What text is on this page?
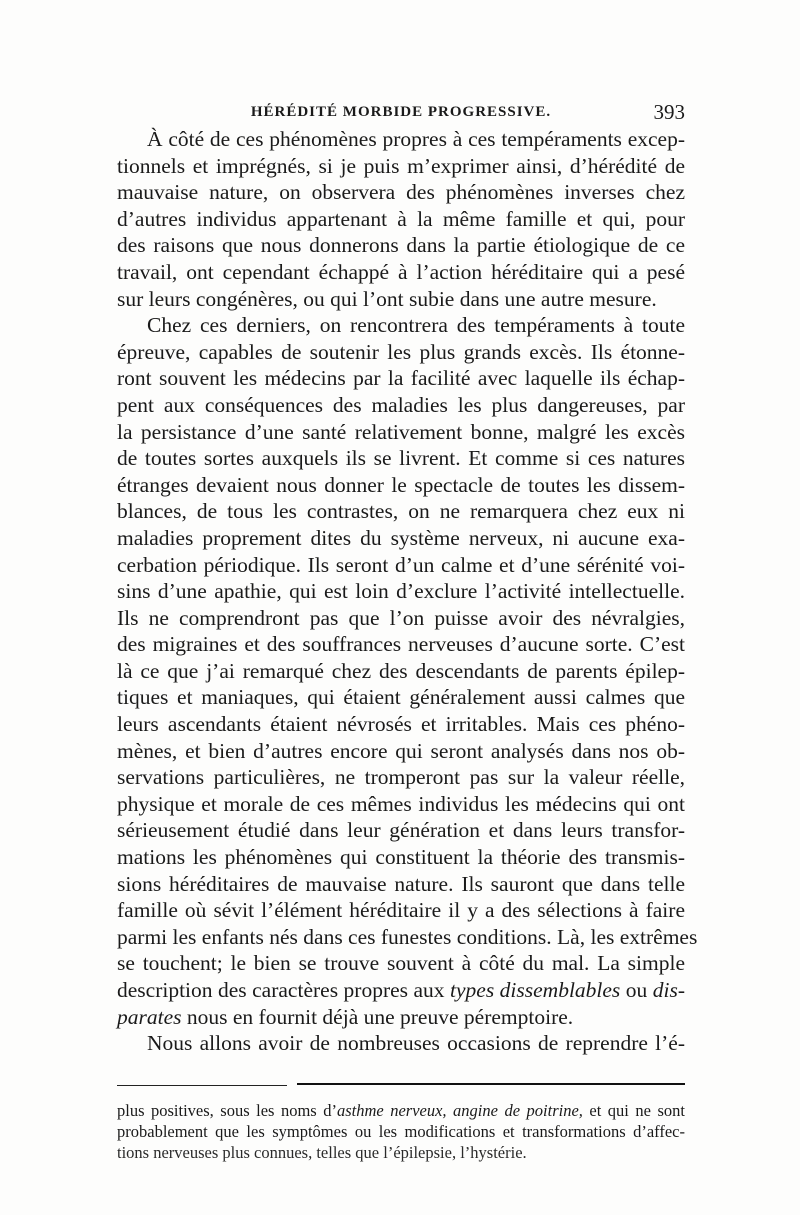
HÉRÉDITÉ MORBIDE PROGRESSIVE.	393
À côté de ces phénomènes propres à ces tempéraments excep-
tionnels et imprégnés, si je puis m’exprimer ainsi, d’hérédité de
mauvaise nature, on observera des phénomènes inverses chez
d’autres individus appartenant à la même famille et qui, pour
des raisons que nous donnerons dans la partie étiologique de ce
travail, ont cependant échappé à l’action héréditaire qui a pesé
sur leurs congénères, ou qui l’ont subie dans une autre mesure.
Chez ces derniers, on rencontrera des tempéraments à toute
épreuve, capables de soutenir les plus grands excès. Ils étonne-
ront souvent les médecins par la facilité avec laquelle ils échap-
pent aux conséquences des maladies les plus dangereuses, par
la persistance d’une santé relativement bonne, malgré les excès
de toutes sortes auxquels ils se livrent. Et comme si ces natures
étranges devaient nous donner le spectacle de toutes les dissem-
blances, de tous les contrastes, on ne remarquera chez eux ni
maladies proprement dites du système nerveux, ni aucune exa-
cerbation périodique. Ils seront d’un calme et d’une sérénité voi-
sins d’une apathie, qui est loin d’exclure l’activité intellectuelle.
Ils ne comprendront pas que l’on puisse avoir des névralgies,
des migraines et des souffrances nerveuses d’aucune sorte. C’est
là ce que j’ai remarqué chez des descendants de parents épilep-
tiques et maniaques, qui étaient généralement aussi calmes que
leurs ascendants étaient névrosés et irritables. Mais ces phéno-
mènes, et bien d’autres encore qui seront analysés dans nos ob-
servations particulières, ne tromperont pas sur la valeur réelle,
physique et morale de ces mêmes individus les médecins qui ont
sérieusement étudié dans leur génération et dans leurs transfor-
mations les phénomènes qui constituent la théorie des transmis-
sions héréditaires de mauvaise nature. Ils sauront que dans telle
famille où sévit l’élément héréditaire il y a des sélections à faire
parmi les enfants nés dans ces funestes conditions. Là, les extrêmes
se touchent; le bien se trouve souvent à côté du mal. La simple
description des caractères propres aux types dissemblables ou dis-
parates nous en fournit déjà une preuve péremptoire.
Nous allons avoir de nombreuses occasions de reprendre l’é-
plus positives, sous les noms d’asthme nerveux, angine de poitrine, et qui ne sont
probablement que les symptômes ou les modifications et transformations d’affec-
tions nerveuses plus connues, telles que l’épilepsie, l’hystérie.
